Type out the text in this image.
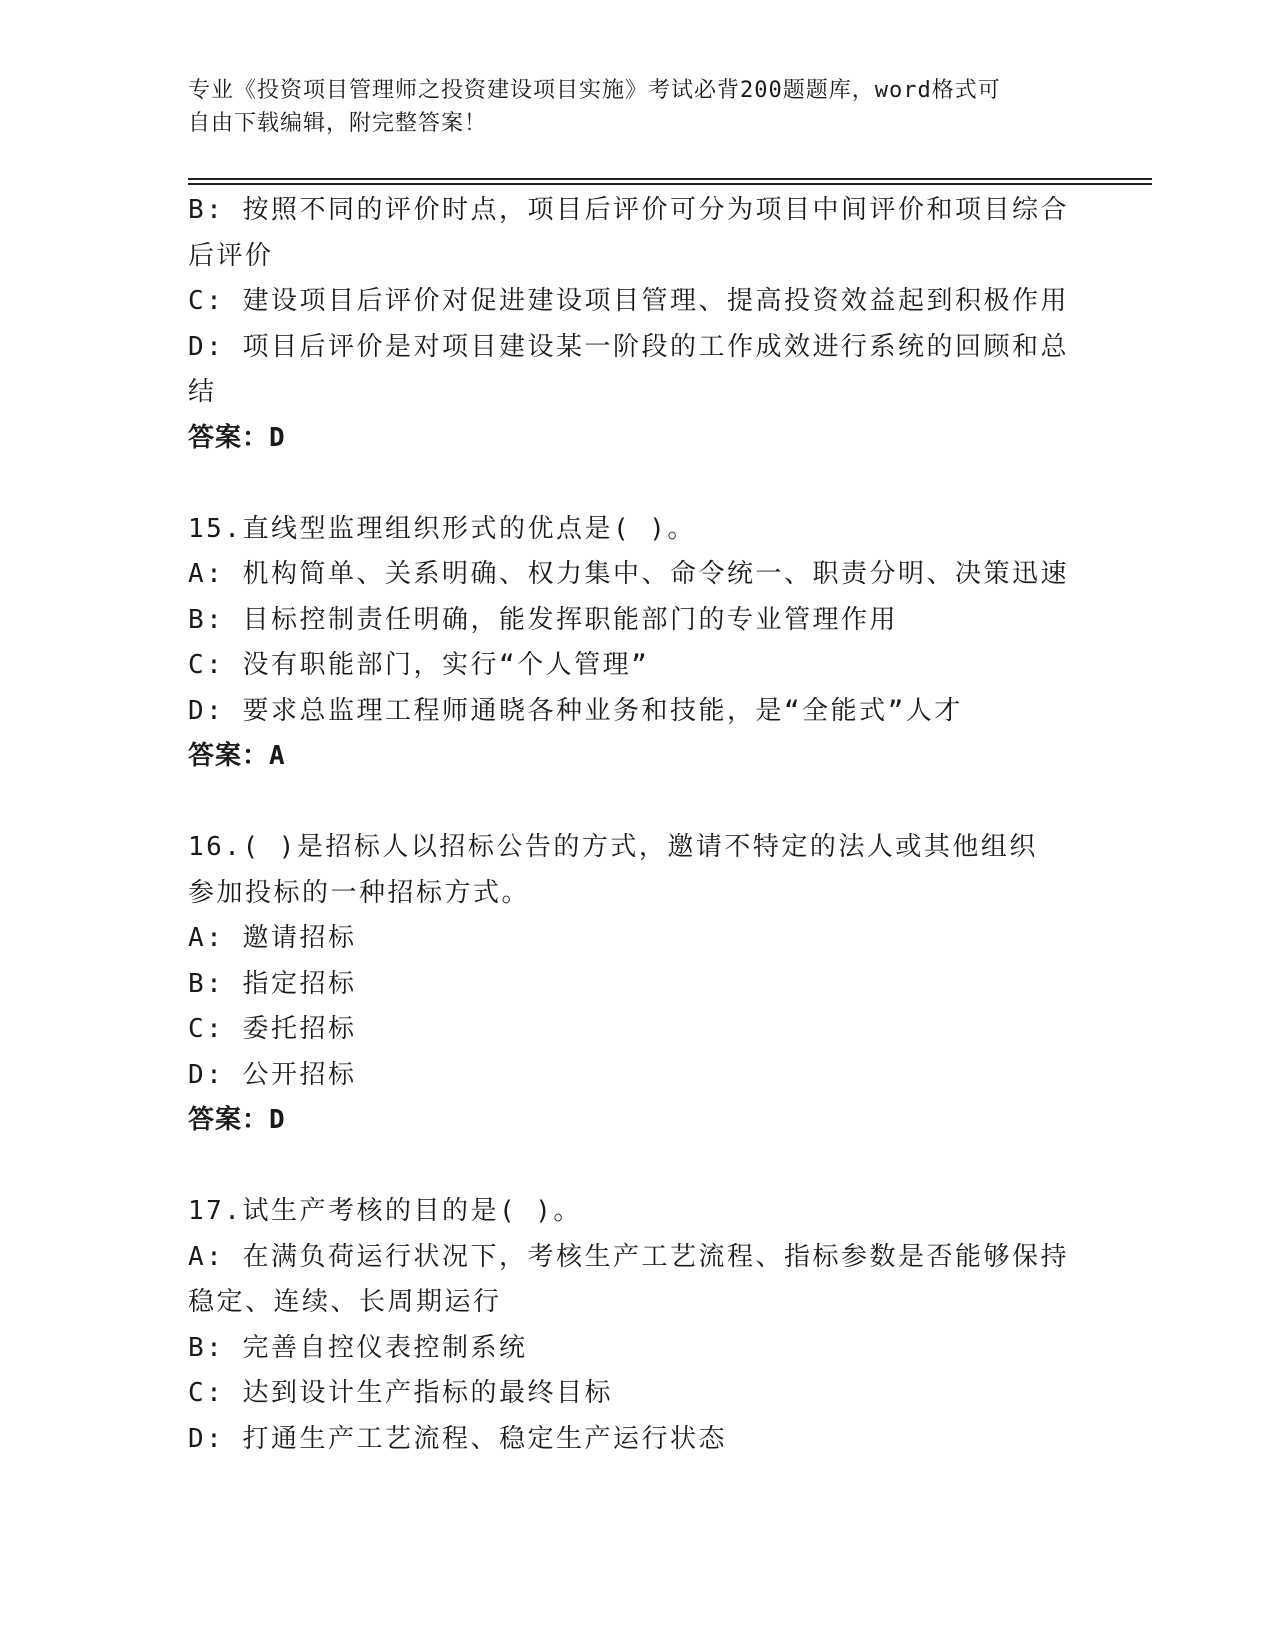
专业《投资项目管理师之投资建设项目实施》考试必背200题题库，word格式可
自由下载编辑，附完整答案！
B: 按照不同的评价时点，项目后评价可分为项目中间评价和项目综合
后评价
C: 建设项目后评价对促进建设项目管理、提高投资效益起到积极作用
D: 项目后评价是对项目建设某一阶段的工作成效进行系统的回顾和总
结
答案：D
15.直线型监理组织形式的优点是( )。
A: 机构简单、关系明确、权力集中、命令统一、职责分明、决策迅速
B: 目标控制责任明确，能发挥职能部门的专业管理作用
C: 没有职能部门，实行“个人管理”
D: 要求总监理工程师通晓各种业务和技能，是“全能式”人才
答案：A
16.( )是招标人以招标公告的方式，邀请不特定的法人或其他组织
参加投标的一种招标方式。
A: 邀请招标
B: 指定招标
C: 委托招标
D: 公开招标
答案：D
17.试生产考核的目的是( )。
A: 在满负荷运行状况下，考核生产工艺流程、指标参数是否能够保持
稳定、连续、长周期运行
B: 完善自控仪表控制系统
C: 达到设计生产指标的最终目标
D: 打通生产工艺流程、稳定生产运行状态
